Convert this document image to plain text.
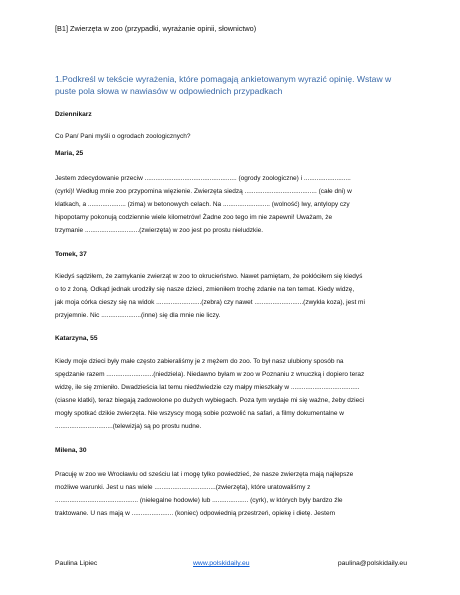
[B1] Zwierzęta w zoo (przypadki, wyrażanie opinii, słownictwo)
1.Podkreśl w tekście wyrażenia, które pomagają ankietowanym wyrazić opinię. Wstaw w
puste pola słowa w nawiasów w odpowiednich przypadkach
Dziennikarz
Co Pan/ Pani myśli o ogrodach zoologicznych?
Maria, 25
Jestem zdecydowanie przeciw ................................................... (ogrody zoologiczne) i ..........................
(cyrki)! Według mnie zoo przypomina więzienie. Zwierzęta siedzą ........................................ (całe dni) w
klatkach, a ..................... (zima) w betonowych celach. Na .......................... (wolność) lwy, antylopy czy
hipopotamy pokonują codziennie wiele kilometrów! Żadne zoo tego im nie zapewni! Uważam, że
trzymanie ..............................(zwierzęta) w zoo jest po prostu nieludzkie.
Tomek, 37
Kiedyś sądziłem, że zamykanie zwierząt w zoo to okrucieństwo. Nawet pamiętam, że pokłóciłem się kiedyś
o to z żoną. Odkąd jednak urodziły się nasze dzieci, zmieniłem trochę zdanie na ten temat. Kiedy widzę,
jak moja córka cieszy się na widok .........................(zebra) czy nawet ...........................(zwykła koza), jest mi
przyjemnie. Nic ......................(inne) się dla mnie nie liczy.
Katarzyna, 55
Kiedy moje dzieci były małe często zabieraliśmy je z mężem do zoo. To był nasz ulubiony sposób na
spędzanie razem ..........................(niedziela). Niedawno byłam w zoo w Poznaniu z wnuczką i dopiero teraz
widzę, ile się zmieniło. Dwadzieścia lat temu niedźwiedzie czy małpy mieszkały w ......................................
(ciasne klatki), teraz biegają zadowolone po dużych wybiegach. Poza tym wydaje mi się ważne, żeby dzieci
mogły spotkać dzikie zwierzęta. Nie wszyscy mogą sobie pozwolić na safari, a filmy dokumentalne w
................................(telewizja) są po prostu nudne.
Milena, 30
Pracuję w zoo we Wrocławiu od sześciu lat i mogę tylko powiedzieć, że nasze zwierzęta mają najlepsze
możliwe warunki. Jest u nas wiele ..................................(zwierzęta), które uratowaliśmy z
.............................................. (nielegalne hodowle) lub .................... (cyrk), w których były bardzo źle
traktowane. U nas mają w ....................... (koniec) odpowiednią przestrzeń, opiekę i dietę. Jestem
Paulina Lipiec	www.polskidaily.eu	paulina@polskidaily.eu
